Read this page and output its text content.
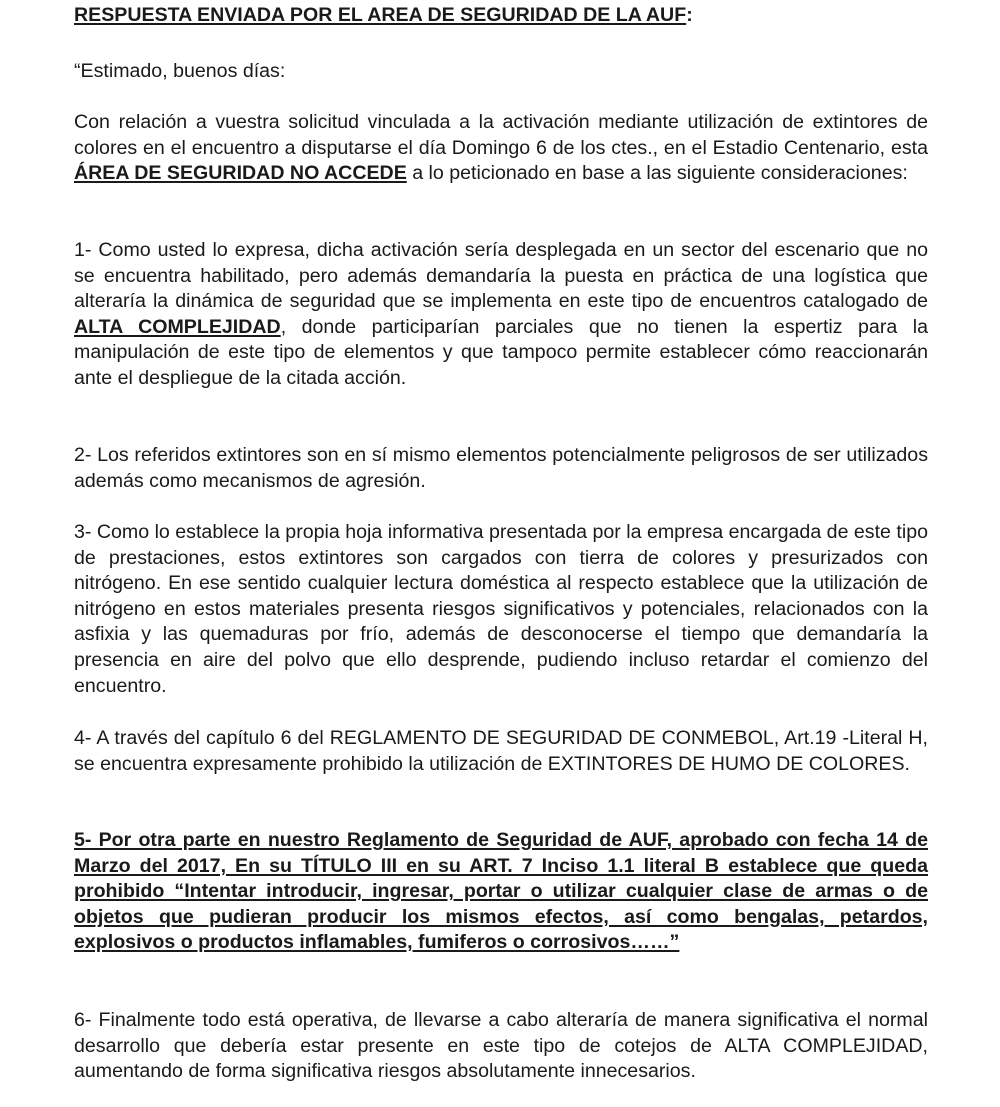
RESPUESTA ENVIADA POR EL AREA DE SEGURIDAD DE LA AUF:

“Estimado, buenos días:

Con relación a vuestra solicitud vinculada a la activación mediante utilización de extintores de colores en el encuentro a disputarse el día Domingo 6 de los ctes., en el Estadio Centenario, esta ÁREA DE SEGURIDAD NO ACCEDE a lo peticionado en base a las siguiente consideraciones:

1- Como usted lo expresa, dicha activación sería desplegada en un sector del escenario que no se encuentra habilitado, pero además demandaría la puesta en práctica de una logística que alteraría la dinámica de seguridad que se implementa en este tipo de encuentros catalogado de ALTA COMPLEJIDAD, donde participarían parciales que no tienen la espertiz para la manipulación de este tipo de elementos y que tampoco permite establecer cómo reaccionarán ante el despliegue de la citada acción.

2- Los referidos extintores son en sí mismo elementos potencialmente peligrosos de ser utilizados además como mecanismos de agresión.

3- Como lo establece la propia hoja informativa presentada por la empresa encargada de este tipo de prestaciones, estos extintores son cargados con tierra de colores y presurizados con nitrógeno. En ese sentido cualquier lectura doméstica al respecto establece que la utilización de nitrógeno en estos materiales presenta riesgos significativos y potenciales, relacionados con la asfixia y las quemaduras por frío, además de desconocerse el tiempo que demandaría la presencia en aire del polvo que ello desprende, pudiendo incluso retardar el comienzo del encuentro.

4- A través del capítulo 6 del REGLAMENTO DE SEGURIDAD DE CONMEBOL, Art.19 -Literal H, se encuentra expresamente prohibido la utilización de EXTINTORES DE HUMO DE COLORES.

5- Por otra parte en nuestro Reglamento de Seguridad de AUF, aprobado con fecha 14 de Marzo del 2017, En su TÍTULO III en su ART. 7 Inciso 1.1 literal B establece que queda prohibido “Intentar introducir, ingresar, portar o utilizar cualquier clase de armas o de objetos que pudieran producir los mismos efectos, así como bengalas, petardos, explosivos o productos inflamables, fumiferos o corrosivos……”

6- Finalmente todo está operativa, de llevarse a cabo alteraría de manera significativa el normal desarrollo que debería estar presente en este tipo de cotejos de ALTA COMPLEJIDAD, aumentando de forma significativa riesgos absolutamente innecesarios.
